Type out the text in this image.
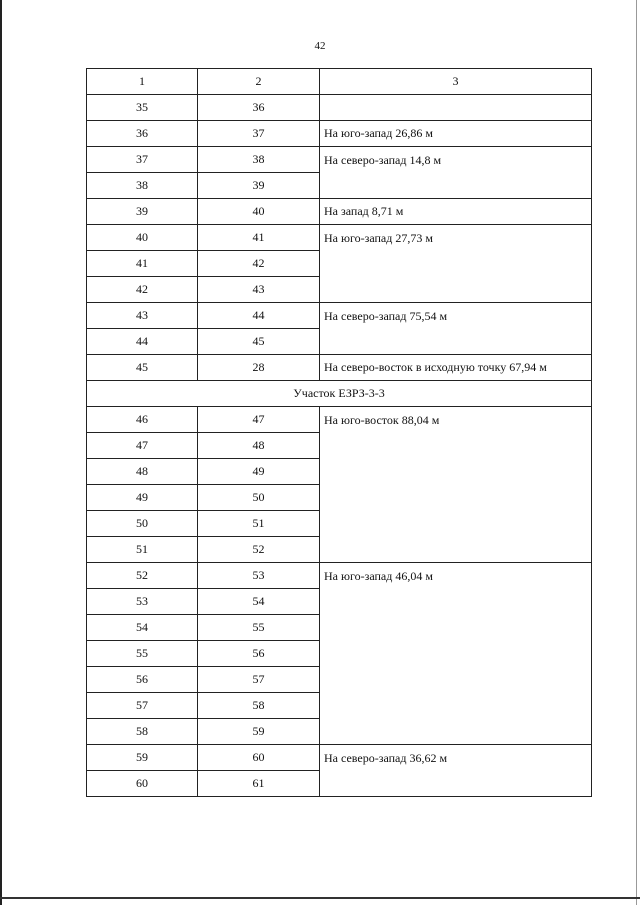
42
1	2	3
35	36	
36	37	На юго-запад 26,86 м
37	38	На северо-запад 14,8 м
38	39	
39	40	На запад 8,71 м
40	41	На юго-запад 27,73 м
41	42	
42	43	
43	44	На северо-запад 75,54 м
44	45	
45	28	На северо-восток в исходную точку 67,94 м
Участок ЕЗРЗ-3-3		
46	47	На юго-восток 88,04 м
47	48	
48	49	
49	50	
50	51	
51	52	
52	53	На юго-запад 46,04 м
53	54	
54	55	
55	56	
56	57	
57	58	
58	59	
59	60	На северо-запад 36,62 м
60	61	
